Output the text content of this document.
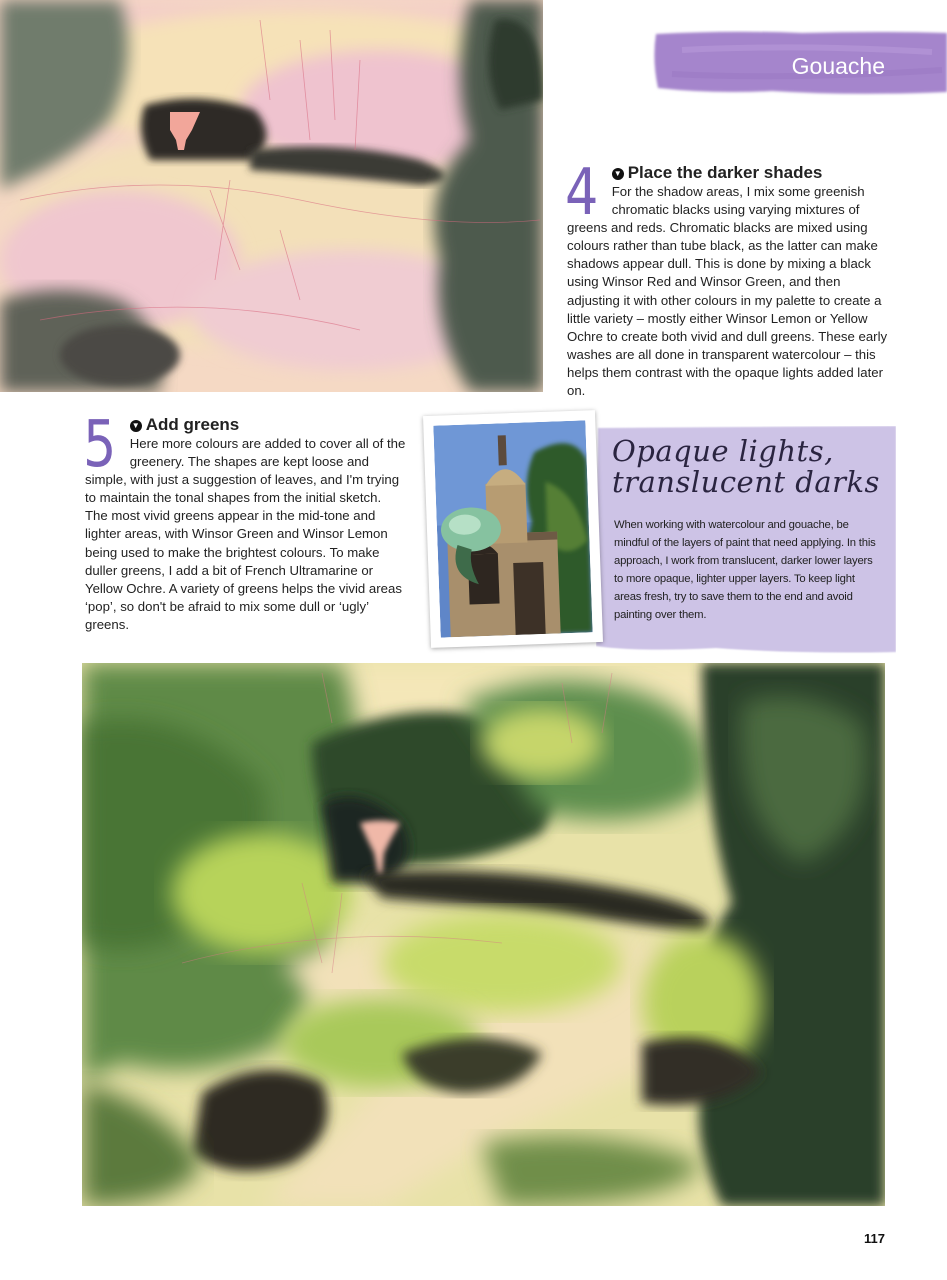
Gouache
4	▼ Place the darker shades
For the shadow areas, I mix some greenish chromatic blacks using varying mixtures of greens and reds. Chromatic blacks are mixed using colours rather than tube black, as the latter can make shadows appear dull. This is done by mixing a black using Winsor Red and Winsor Green, and then adjusting it with other colours in my palette to create a little variety – mostly either Winsor Lemon or Yellow Ochre to create both vivid and dull greens. These early washes are all done in transparent watercolour – this helps them contrast with the opaque lights added later on.
5	▼ Add greens
Here more colours are added to cover all of the greenery. The shapes are kept loose and simple, with just a suggestion of leaves, and I'm trying to maintain the tonal shapes from the initial sketch. The most vivid greens appear in the mid-tone and lighter areas, with Winsor Green and Winsor Lemon being used to make the brightest colours. To make duller greens, I add a bit of French Ultramarine or Yellow Ochre. A variety of greens helps the vivid areas ‘pop’, so don't be afraid to mix some dull or ‘ugly’ greens.
Opaque lights,
translucent darks
When working with watercolour and gouache, be mindful of the layers of paint that need applying. In this approach, I work from translucent, darker lower layers to more opaque, lighter upper layers. To keep light areas fresh, try to save them to the end and avoid painting over them.
117
